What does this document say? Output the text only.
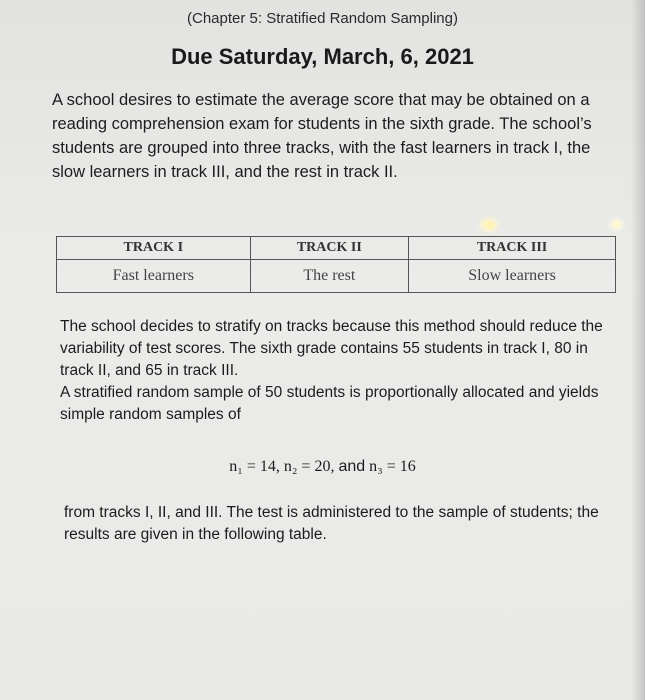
(Chapter 5: Stratified Random Sampling)
Due Saturday, March, 6, 2021
A school desires to estimate the average score that may be obtained on a reading comprehension exam for students in the sixth grade. The school’s students are grouped into three tracks, with the fast learners in track I, the slow learners in track III, and the rest in track II.
TRACK I	TRACK II	TRACK III
Fast learners	The rest	Slow learners
The school decides to stratify on tracks because this method should reduce the variability of test scores. The sixth grade contains 55 students in track I, 80 in track II, and 65 in track III.
A stratified random sample of 50 students is proportionally allocated and yields simple random samples of
n₁ = 14, n₂ = 20, and n₃ = 16
from tracks I, II, and III. The test is administered to the sample of students; the results are given in the following table.
